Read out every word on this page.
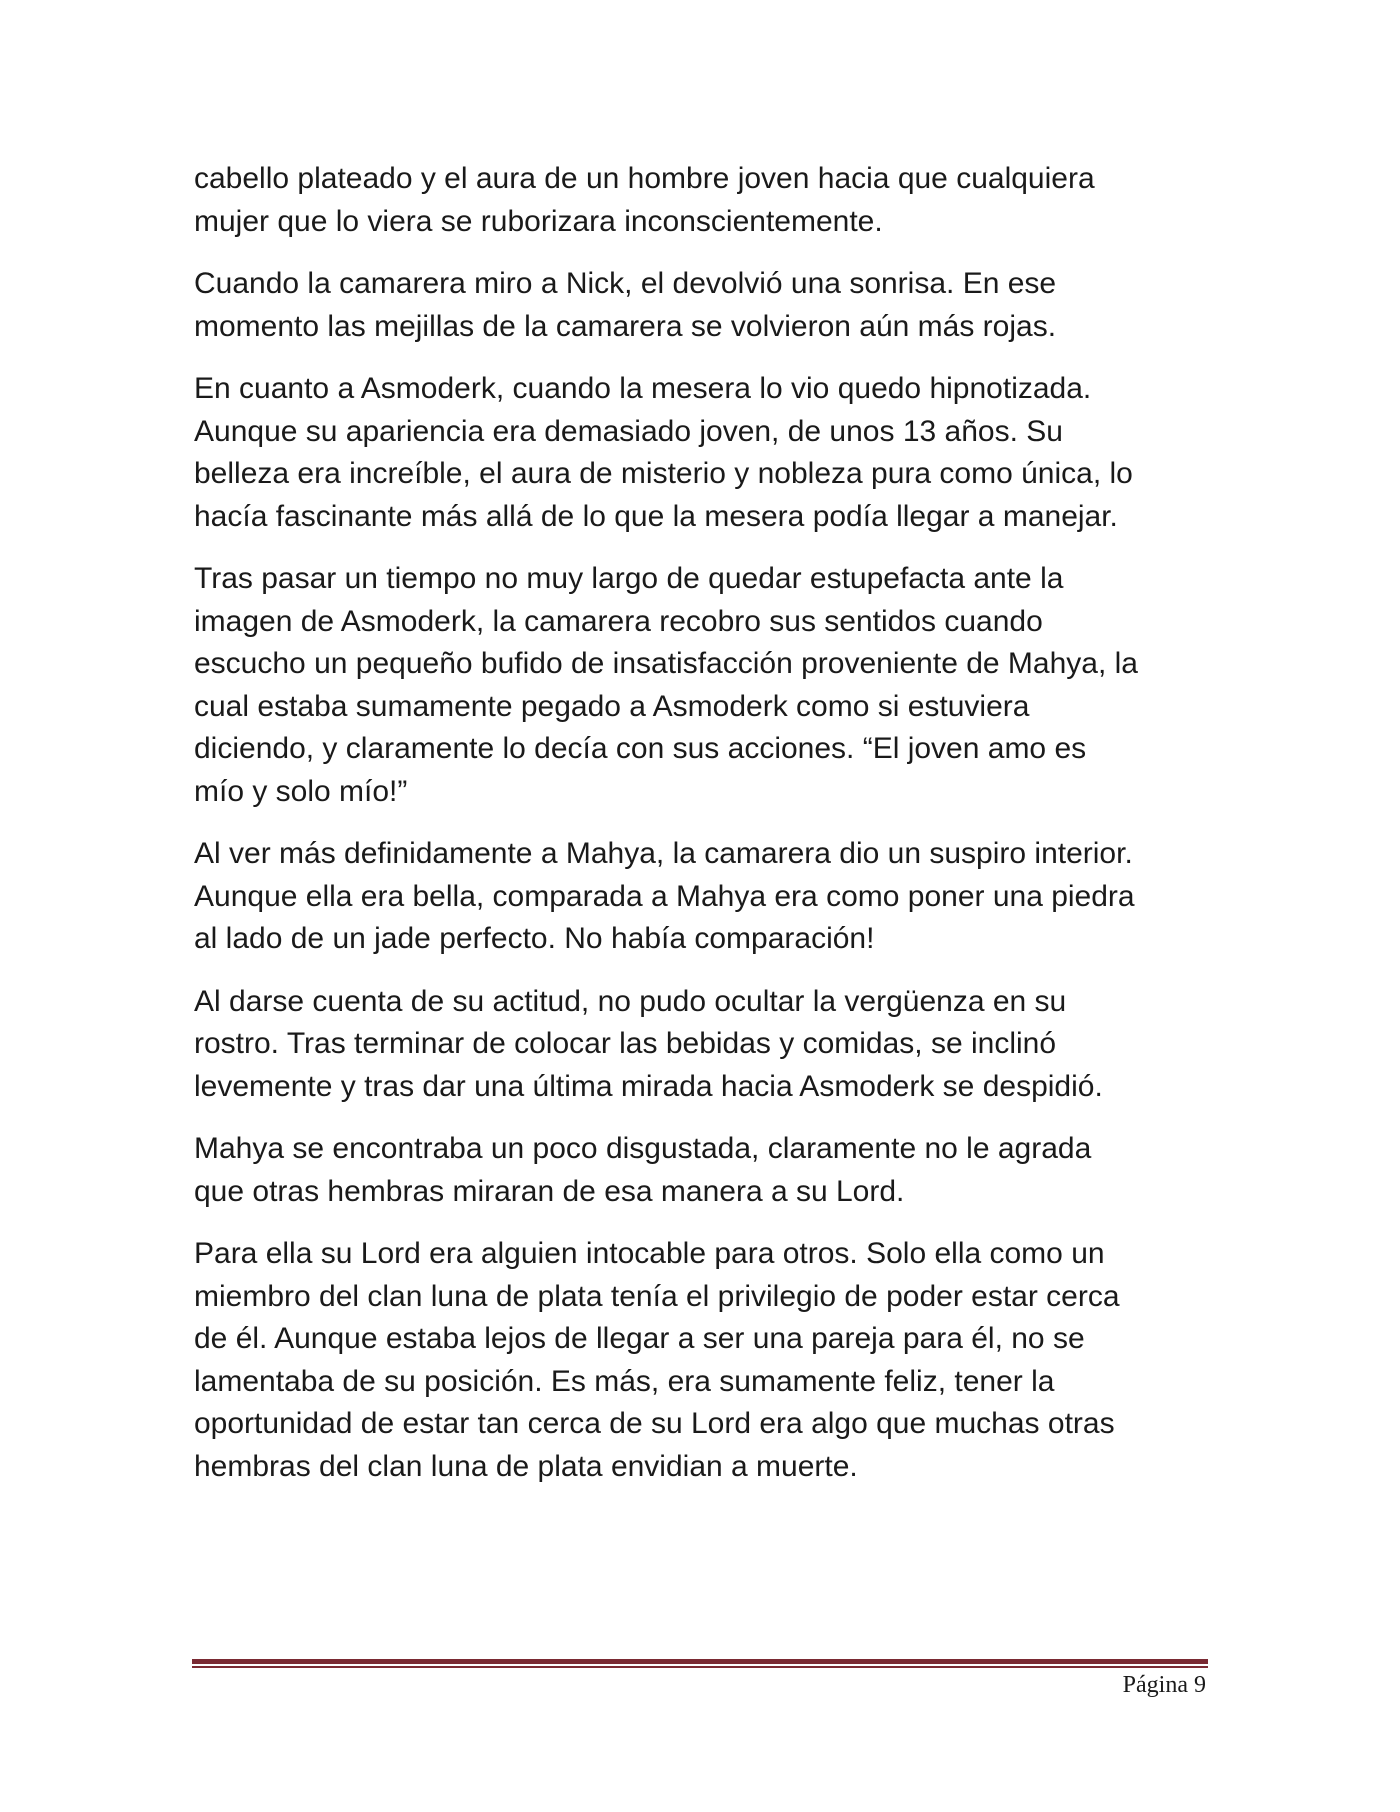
cabello plateado y el aura de un hombre joven hacia que cualquiera
mujer que lo viera se ruborizara inconscientemente.

Cuando la camarera miro a Nick, el devolvió una sonrisa. En ese
momento las mejillas de la camarera se volvieron aún más rojas.

En cuanto a Asmoderk, cuando la mesera lo vio quedo hipnotizada.
Aunque su apariencia era demasiado joven, de unos 13 años. Su
belleza era increíble, el aura de misterio y nobleza pura como única, lo
hacía fascinante más allá de lo que la mesera podía llegar a manejar.

Tras pasar un tiempo no muy largo de quedar estupefacta ante la
imagen de Asmoderk, la camarera recobro sus sentidos cuando
escucho un pequeño bufido de insatisfacción proveniente de Mahya, la
cual estaba sumamente pegado a Asmoderk como si estuviera
diciendo, y claramente lo decía con sus acciones. “El joven amo es
mío y solo mío!”

Al ver más definidamente a Mahya, la camarera dio un suspiro interior.
Aunque ella era bella, comparada a Mahya era como poner una piedra
al lado de un jade perfecto. No había comparación!

Al darse cuenta de su actitud, no pudo ocultar la vergüenza en su
rostro. Tras terminar de colocar las bebidas y comidas, se inclinó
levemente y tras dar una última mirada hacia Asmoderk se despidió.

Mahya se encontraba un poco disgustada, claramente no le agrada
que otras hembras miraran de esa manera a su Lord.

Para ella su Lord era alguien intocable para otros. Solo ella como un
miembro del clan luna de plata tenía el privilegio de poder estar cerca
de él. Aunque estaba lejos de llegar a ser una pareja para él, no se
lamentaba de su posición. Es más, era sumamente feliz, tener la
oportunidad de estar tan cerca de su Lord era algo que muchas otras
hembras del clan luna de plata envidian a muerte.

Página 9
